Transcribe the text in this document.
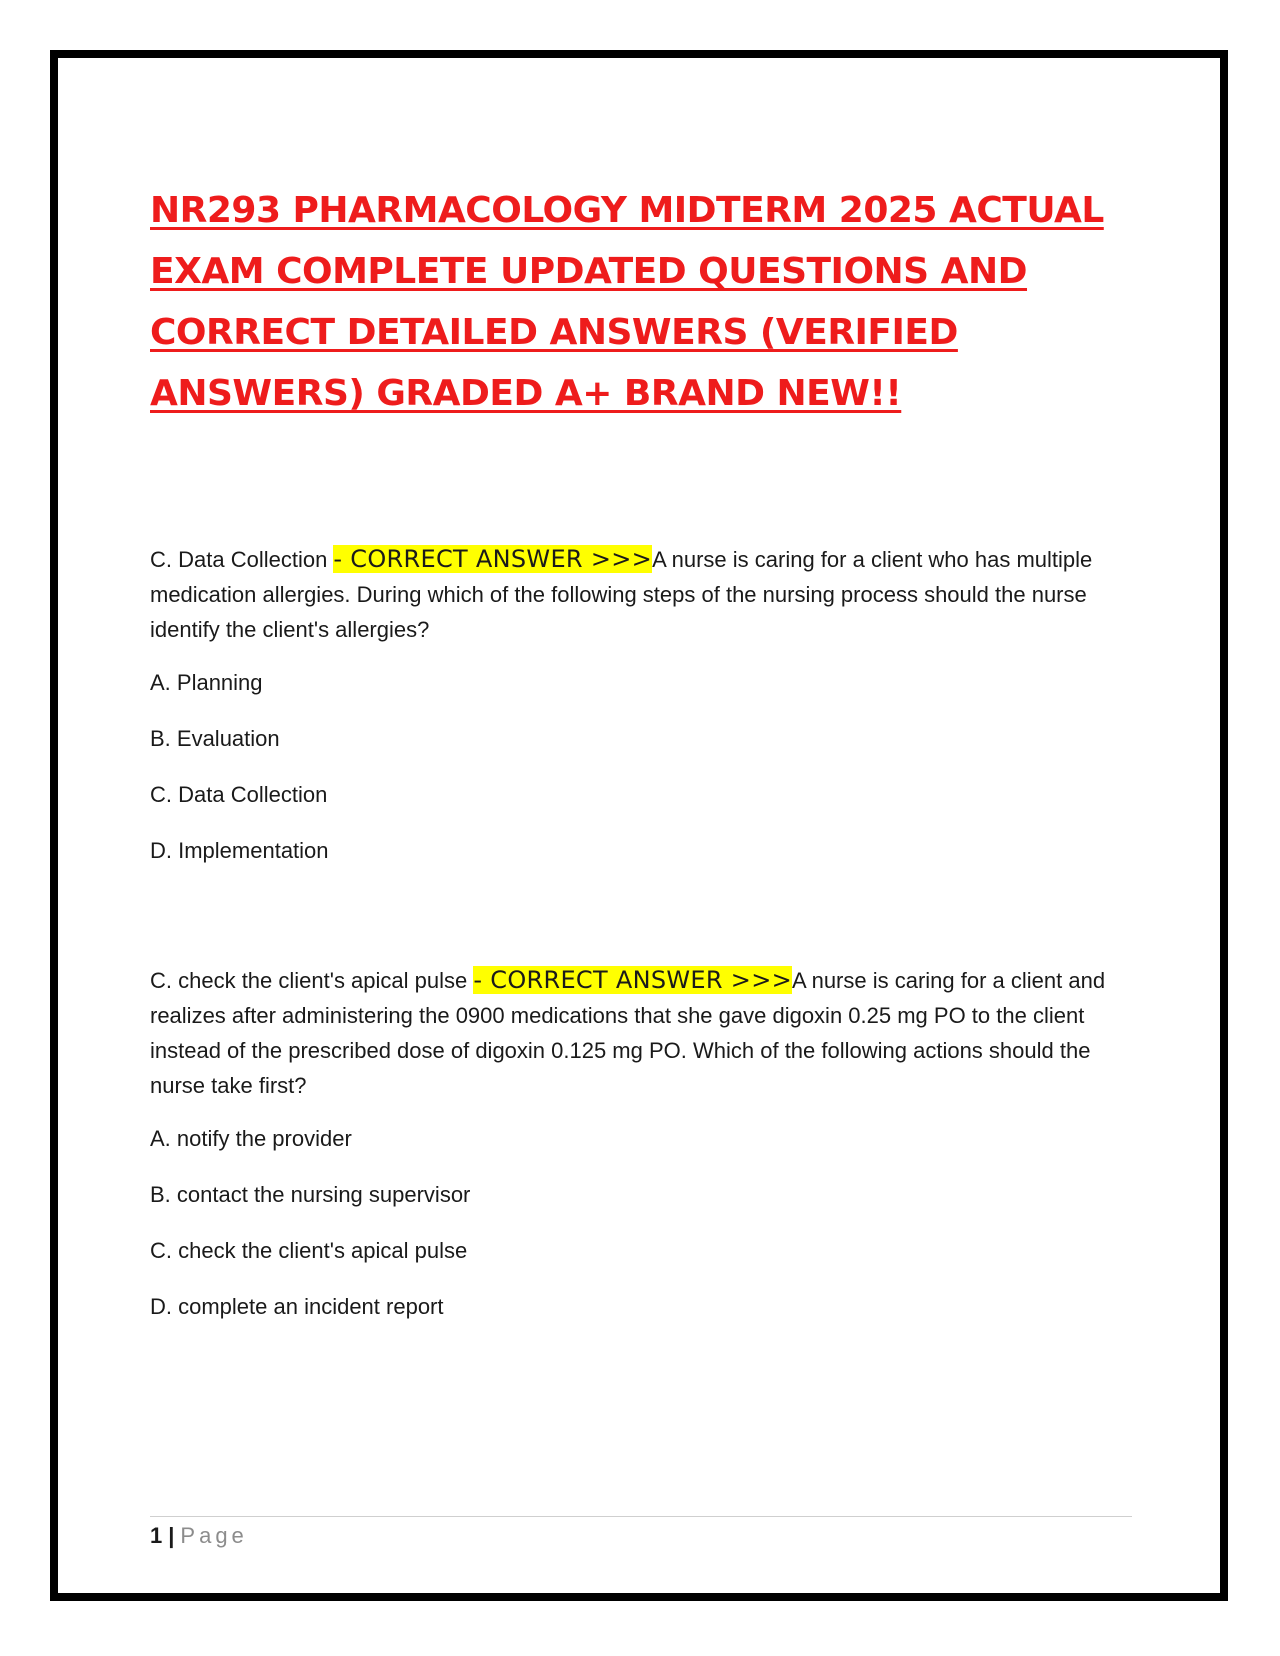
NR293 PHARMACOLOGY MIDTERM 2025 ACTUAL EXAM COMPLETE UPDATED QUESTIONS AND CORRECT DETAILED ANSWERS (VERIFIED ANSWERS) GRADED A+ BRAND NEW!!

C. Data Collection - CORRECT ANSWER >>>A nurse is caring for a client who has multiple medication allergies. During which of the following steps of the nursing process should the nurse identify the client's allergies?

A. Planning

B. Evaluation

C. Data Collection

D. Implementation

C. check the client's apical pulse - CORRECT ANSWER >>>A nurse is caring for a client and realizes after administering the 0900 medications that she gave digoxin 0.25 mg PO to the client instead of the prescribed dose of digoxin 0.125 mg PO. Which of the following actions should the nurse take first?

A. notify the provider

B. contact the nursing supervisor

C. check the client's apical pulse

D. complete an incident report

1 | Page
